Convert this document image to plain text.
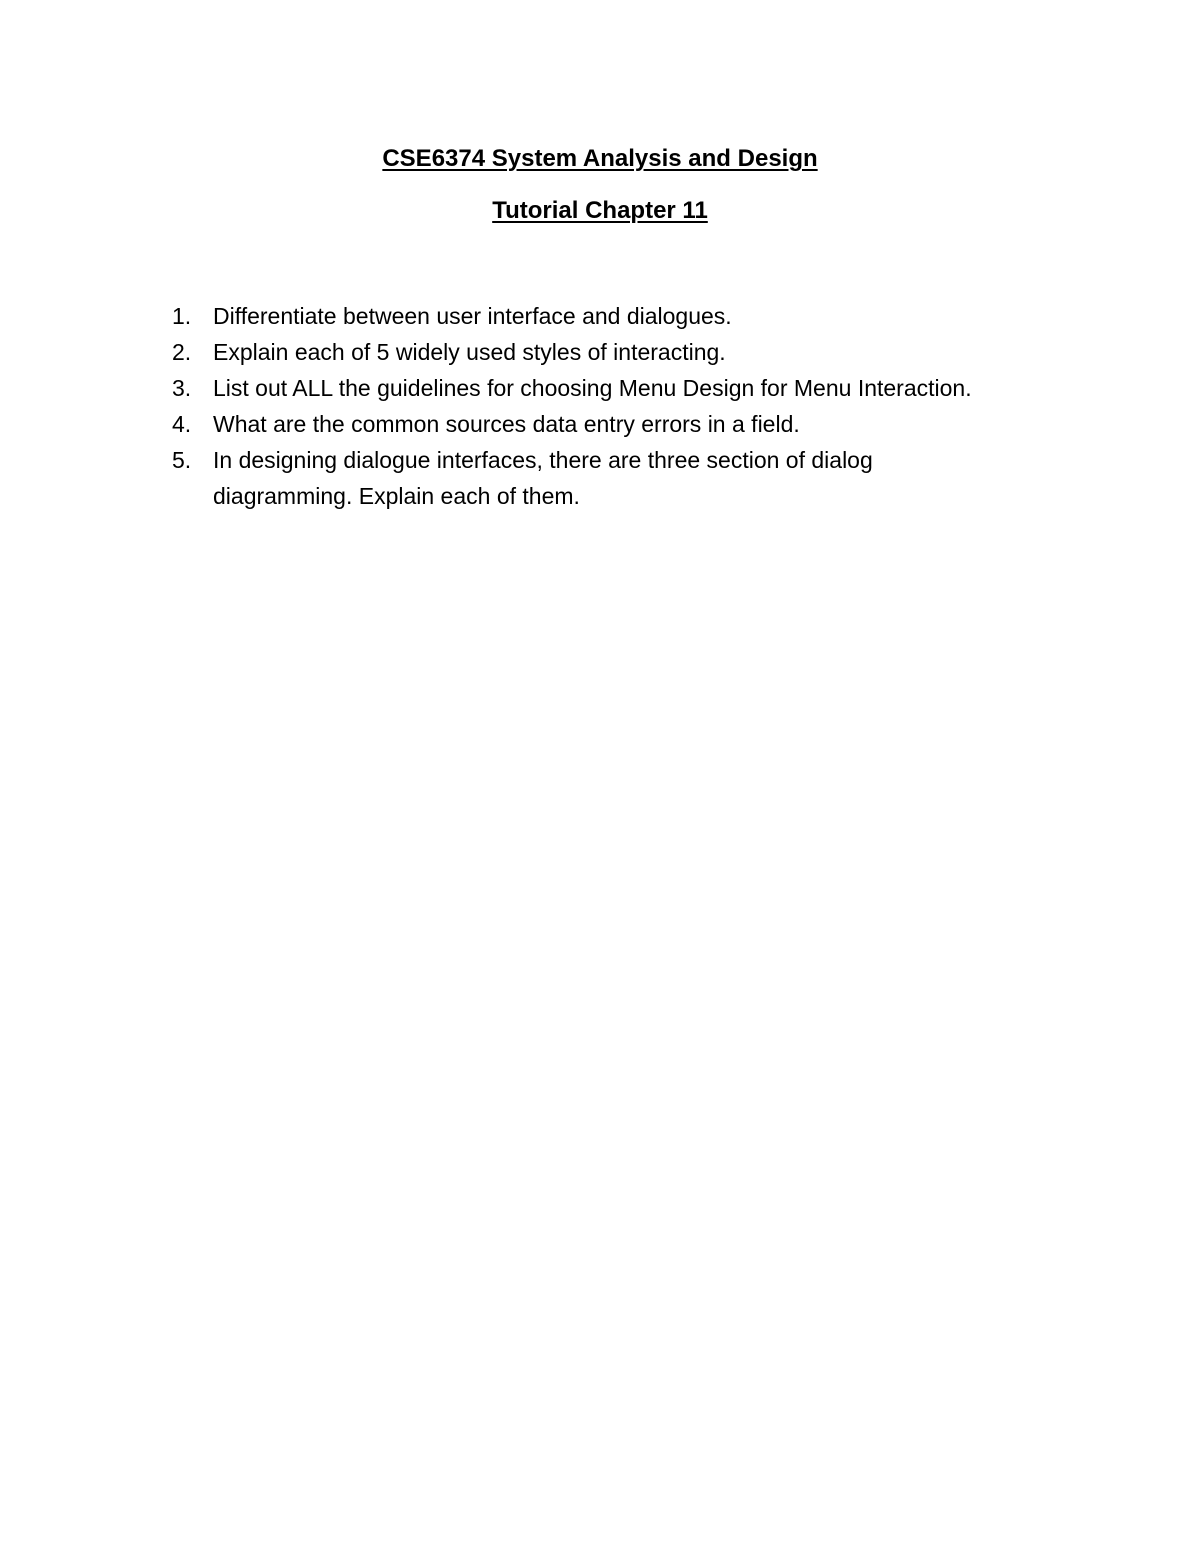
CSE6374 System Analysis and Design
Tutorial Chapter 11
1. Differentiate between user interface and dialogues.
2. Explain each of 5 widely used styles of interacting.
3. List out ALL the guidelines for choosing Menu Design for Menu Interaction.
4. What are the common sources data entry errors in a field.
5. In designing dialogue interfaces, there are three section of dialog diagramming. Explain each of them.
